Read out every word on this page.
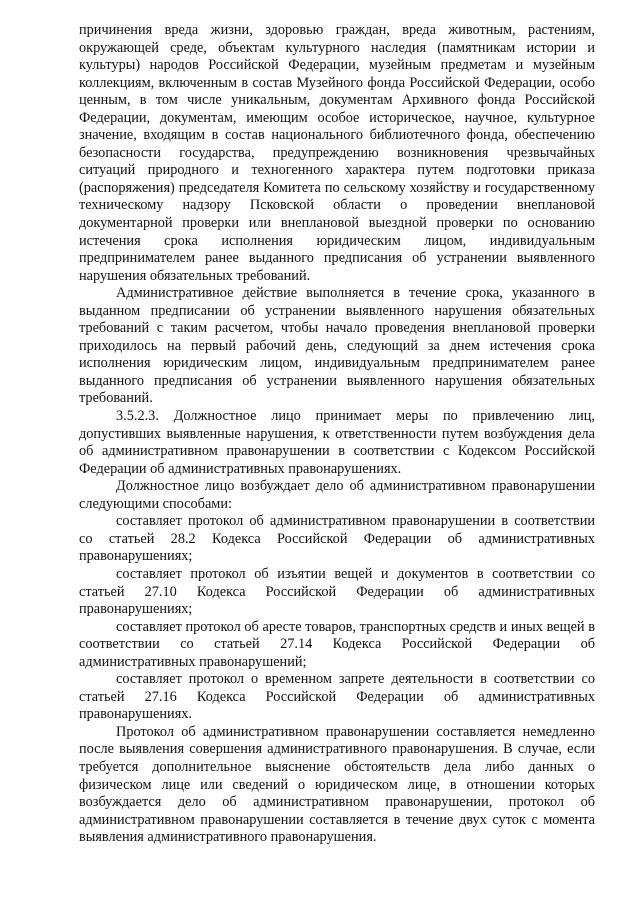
причинения вреда жизни, здоровью граждан, вреда животным, растениям, окружающей среде, объектам культурного наследия (памятникам истории и культуры) народов Российской Федерации, музейным предметам и музейным коллекциям, включенным в состав Музейного фонда Российской Федерации, особо ценным, в том числе уникальным, документам Архивного фонда Российской Федерации, документам, имеющим особое историческое, научное, культурное значение, входящим в состав национального библиотечного фонда, обеспечению безопасности государства, предупреждению возникновения чрезвычайных ситуаций природного и техногенного характера путем подготовки приказа (распоряжения) председателя Комитета по сельскому хозяйству и государственному техническому надзору Псковской области о проведении внеплановой документарной проверки или внеплановой выездной проверки по основанию истечения срока исполнения юридическим лицом, индивидуальным предпринимателем ранее выданного предписания об устранении выявленного нарушения обязательных требований.

Административное действие выполняется в течение срока, указанного в выданном предписании об устранении выявленного нарушения обязательных требований с таким расчетом, чтобы начало проведения внеплановой проверки приходилось на первый рабочий день, следующий за днем истечения срока исполнения юридическим лицом, индивидуальным предпринимателем ранее выданного предписания об устранении выявленного нарушения обязательных требований.

3.5.2.3. Должностное лицо принимает меры по привлечению лиц, допустивших выявленные нарушения, к ответственности путем возбуждения дела об административном правонарушении в соответствии с Кодексом Российской Федерации об административных правонарушениях.

Должностное лицо возбуждает дело об административном правонарушении следующими способами:

составляет протокол об административном правонарушении в соответствии со статьей 28.2 Кодекса Российской Федерации об административных правонарушениях;

составляет протокол об изъятии вещей и документов в соответствии со статьей 27.10 Кодекса Российской Федерации об административных правонарушениях;

составляет протокол об аресте товаров, транспортных средств и иных вещей в соответствии со статьей 27.14 Кодекса Российской Федерации об административных правонарушений;

составляет протокол о временном запрете деятельности в соответствии со статьей 27.16 Кодекса Российской Федерации об административных правонарушениях.

Протокол об административном правонарушении составляется немедленно после выявления совершения административного правонарушения. В случае, если требуется дополнительное выяснение обстоятельств дела либо данных о физическом лице или сведений о юридическом лице, в отношении которых возбуждается дело об административном правонарушении, протокол об административном правонарушении составляется в течение двух суток с момента выявления административного правонарушения.
